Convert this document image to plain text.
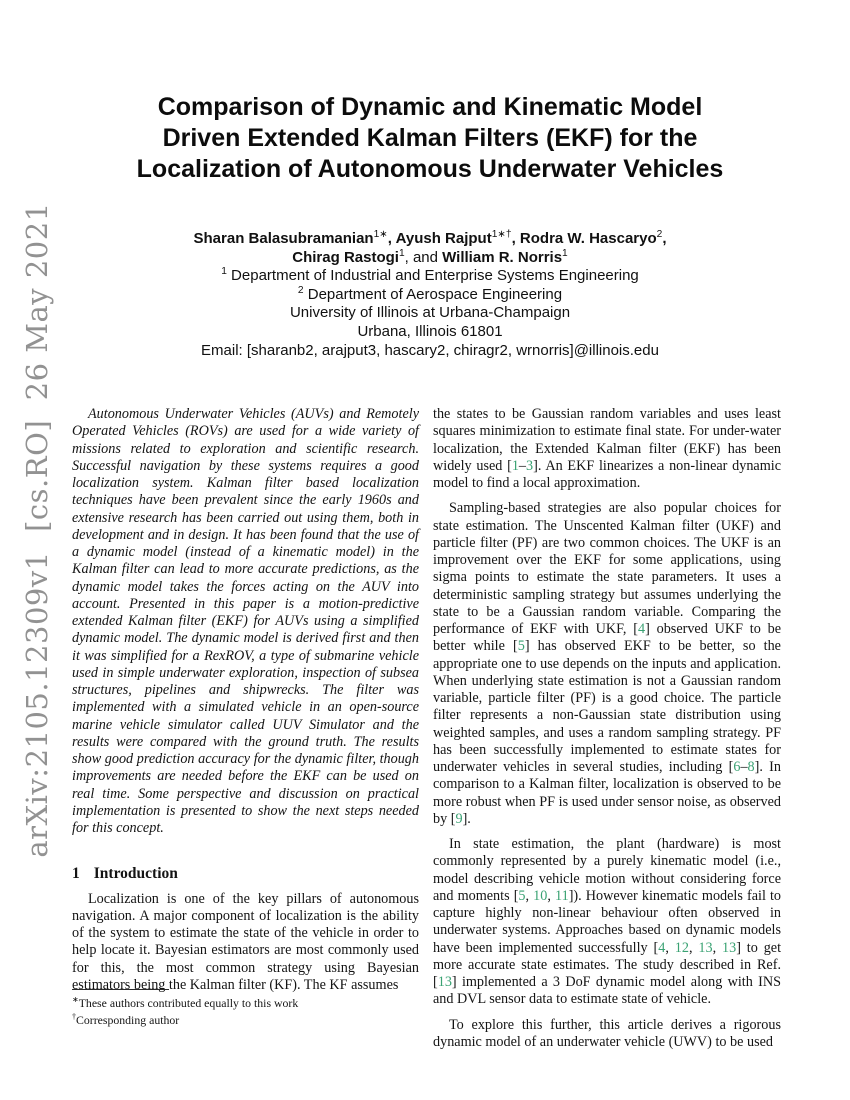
arXiv:2105.12309v1  [cs.RO]  26 May 2021
Comparison of Dynamic and Kinematic Model
Driven Extended Kalman Filters (EKF) for the
Localization of Autonomous Underwater Vehicles

Sharan Balasubramanian$^{1∗}$, Ayush Rajput$^{1∗\dagger}$, Rodra W. Hascaryo$^2$,

Chirag Rastogi$^1$, and William R. Norris$^1$

$^1$ Department of Industrial and Enterprise Systems Engineering

$^2$ Department of Aerospace Engineering

University of Illinois at Urbana-Champaign

Urbana, Illinois 61801

Email: [sharanb2, arajput3, hascary2, chiragr2, wrnorris]@illinois.edu

Autonomous Underwater Vehicles (AUVs) and Remotely Operated Vehicles (ROVs) are used for a wide variety of missions related to exploration and scientific research. Successful navigation by these systems requires a good localization system. Kalman filter based localization techniques have been prevalent since the early 1960s and extensive research has been carried out using them, both in development and in design. It has been found that the use of a dynamic model (instead of a kinematic model) in the Kalman filter can lead to more accurate predictions, as the dynamic model takes the forces acting on the AUV into account. Presented in this paper is a motion-predictive extended Kalman filter (EKF) for AUVs using a simplified dynamic model. The dynamic model is derived first and then it was simplified for a RexROV, a type of submarine vehicle used in simple underwater exploration, inspection of subsea structures, pipelines and shipwrecks. The filter was implemented with a simulated vehicle in an open-source marine vehicle simulator called UUV Simulator and the results were compared with the ground truth. The results show good prediction accuracy for the dynamic filter, though improvements are needed before the EKF can be used on real time. Some perspective and discussion on practical implementation is presented to show the next steps needed for this concept.

1 Introduction

Localization is one of the key pillars of autonomous navigation. A major component of localization is the ability of the system to estimate the state of the vehicle in order to help locate it. Bayesian estimators are most commonly used for this, the most common strategy using Bayesian estimators being the Kalman filter (KF). The KF assumes

∗These authors contributed equally to this work

†Corresponding author

the states to be Gaussian random variables and uses least squares minimization to estimate final state. For under-water localization, the Extended Kalman filter (EKF) has been widely used [1–3]. An EKF linearizes a non-linear dynamic model to find a local approximation.

Sampling-based strategies are also popular choices for state estimation. The Unscented Kalman filter (UKF) and particle filter (PF) are two common choices. The UKF is an improvement over the EKF for some applications, using sigma points to estimate the state parameters. It uses a deterministic sampling strategy but assumes underlying the state to be a Gaussian random variable. Comparing the performance of EKF with UKF, [4] observed UKF to be better while [5] has observed EKF to be better, so the appropriate one to use depends on the inputs and application. When underlying state estimation is not a Gaussian random variable, particle filter (PF) is a good choice. The particle filter represents a non-Gaussian state distribution using weighted samples, and uses a random sampling strategy. PF has been successfully implemented to estimate states for underwater vehicles in several studies, including [6–8]. In comparison to a Kalman filter, localization is observed to be more robust when PF is used under sensor noise, as observed by [9].

In state estimation, the plant (hardware) is most commonly represented by a purely kinematic model (i.e., model describing vehicle motion without considering force and moments [5, 10, 11]). However kinematic models fail to capture highly non-linear behaviour often observed in underwater systems. Approaches based on dynamic models have been implemented successfully [4, 12, 13, 13] to get more accurate state estimates. The study described in Ref. [13] implemented a 3 DoF dynamic model along with INS and DVL sensor data to estimate state of vehicle.

To explore this further, this article derives a rigorous dynamic model of an underwater vehicle (UWV) to be used
